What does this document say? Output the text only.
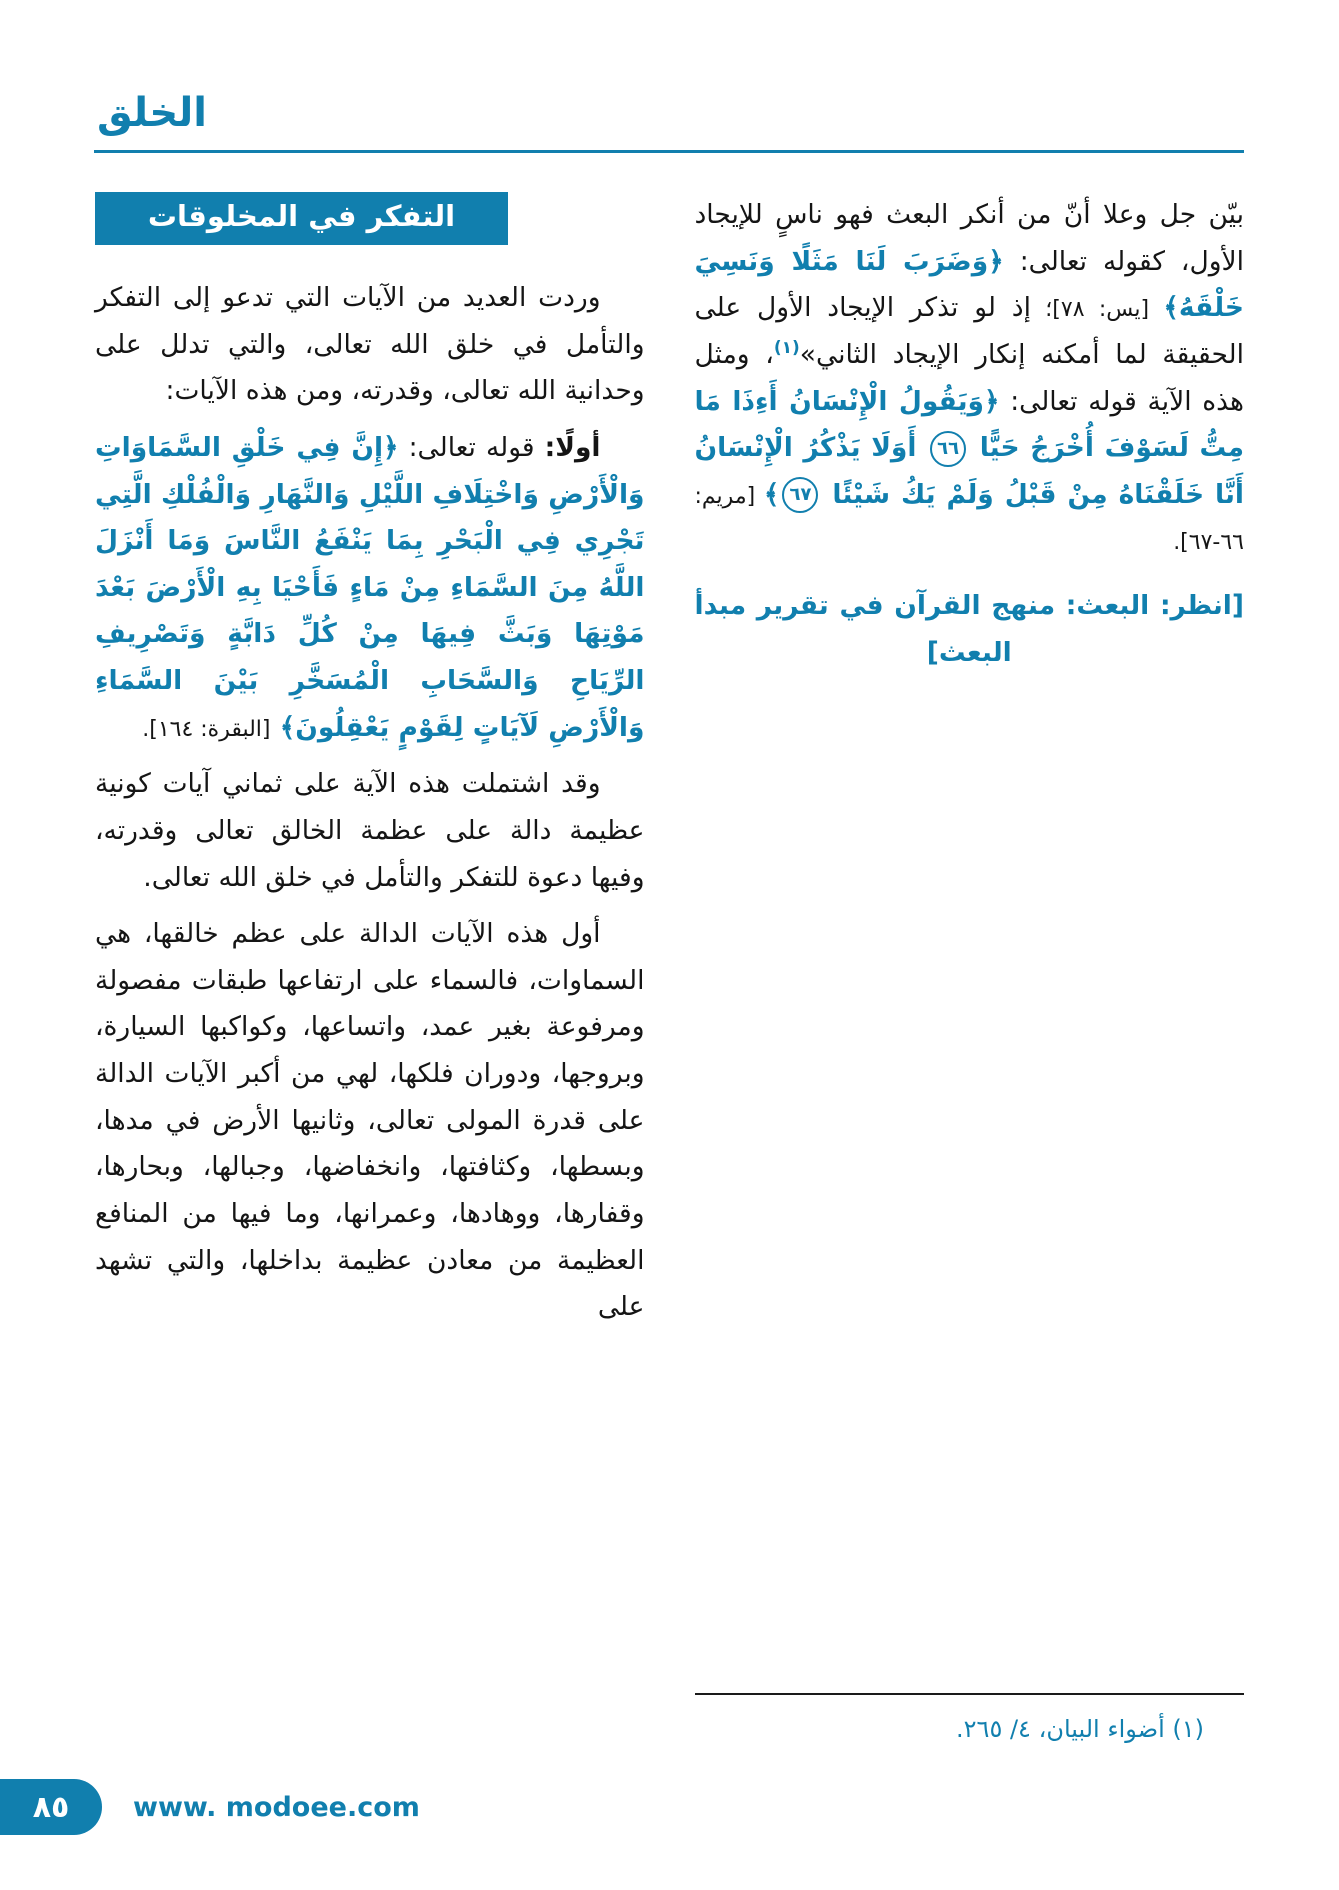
الخلق

بيّن جل وعلا أنّ من أنكر البعث فهو ناسٍ للإيجاد الأول، كقوله تعالى: ﴿وَضَرَبَ لَنَا مَثَلًا وَنَسِيَ خَلْقَهُ﴾ [يس: ٧٨]؛ إذ لو تذكر الإيجاد الأول على الحقيقة لما أمكنه إنكار الإيجاد الثاني»$^{(١)}$، ومثل هذه الآية قوله تعالى: ﴿وَيَقُولُ الْإِنْسَانُ أَءِذَا مَا مِتُّ لَسَوْفَ أُخْرَجُ حَيًّا ٦٦ أَوَلَا يَذْكُرُ الْإِنْسَانُ أَنَّا خَلَقْنَاهُ مِنْ قَبْلُ وَلَمْ يَكُ شَيْئًا ٦٧﴾ [مريم: ٦٦-٦٧].

[انظر: البعث: منهج القرآن في تقرير مبدأ البعث]

(١) أضواء البيان، ٤/ ٢٦٥.

التفكر في المخلوقات

وردت العديد من الآيات التي تدعو إلى التفكر والتأمل في خلق الله تعالى، والتي تدلل على وحدانية الله تعالى، وقدرته، ومن هذه الآيات:

أولًا: قوله تعالى: ﴿إِنَّ فِي خَلْقِ السَّمَاوَاتِ وَالْأَرْضِ وَاخْتِلَافِ اللَّيْلِ وَالنَّهَارِ وَالْفُلْكِ الَّتِي تَجْرِي فِي الْبَحْرِ بِمَا يَنْفَعُ النَّاسَ وَمَا أَنْزَلَ اللَّهُ مِنَ السَّمَاءِ مِنْ مَاءٍ فَأَحْيَا بِهِ الْأَرْضَ بَعْدَ مَوْتِهَا وَبَثَّ فِيهَا مِنْ كُلِّ دَابَّةٍ وَتَصْرِيفِ الرِّيَاحِ وَالسَّحَابِ الْمُسَخَّرِ بَيْنَ السَّمَاءِ وَالْأَرْضِ لَآيَاتٍ لِقَوْمٍ يَعْقِلُونَ﴾ [البقرة: ١٦٤].

وقد اشتملت هذه الآية على ثماني آيات كونية عظيمة دالة على عظمة الخالق تعالى وقدرته، وفيها دعوة للتفكر والتأمل في خلق الله تعالى.

أول هذه الآيات الدالة على عظم خالقها، هي السماوات، فالسماء على ارتفاعها طبقات مفصولة ومرفوعة بغير عمد، واتساعها، وكواكبها السيارة، وبروجها، ودوران فلكها، لهي من أكبر الآيات الدالة على قدرة المولى تعالى، وثانيها الأرض في مدها، وبسطها، وكثافتها، وانخفاضها، وجبالها، وبحارها، وقفارها، ووهادها، وعمرانها، وما فيها من المنافع العظيمة من معادن عظيمة بداخلها، والتي تشهد على

٨٥ www. modoee.com
